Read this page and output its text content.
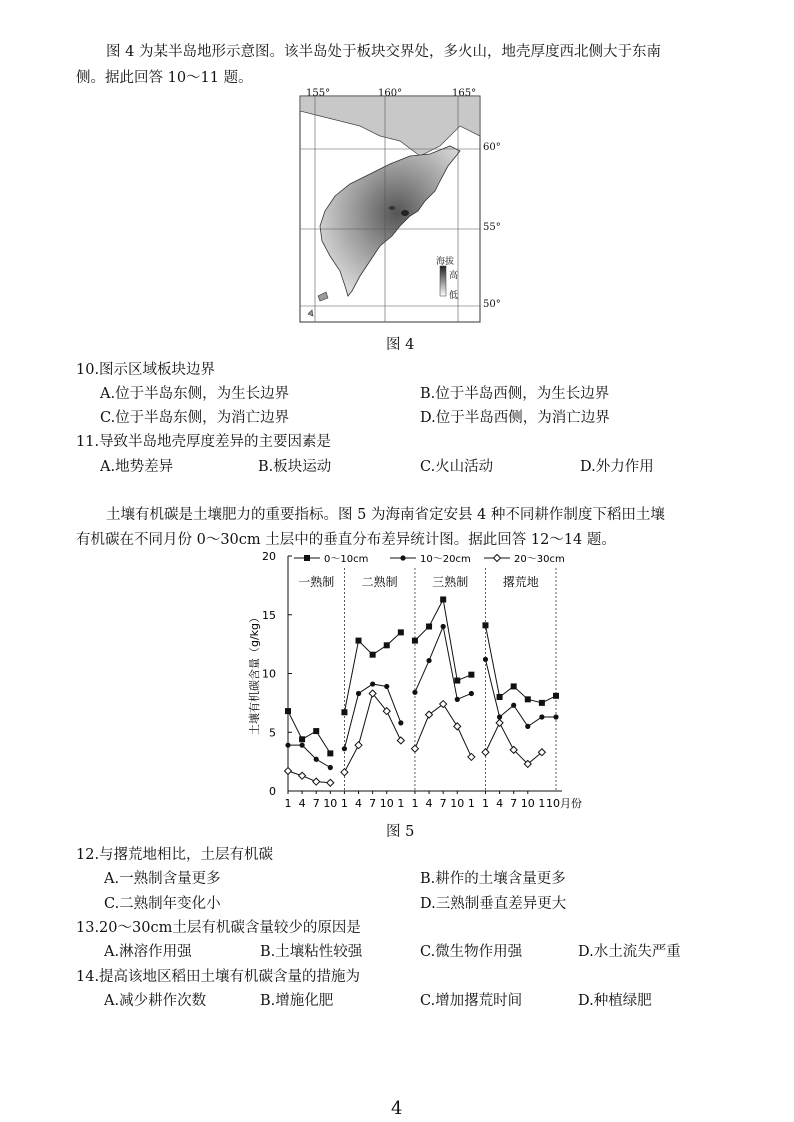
图 4 为某半岛地形示意图。该半岛处于板块交界处，多火山，地壳厚度西北侧大于东南
侧。据此回答 10～11 题。
155°	160°	165°
60°
55°
50°
海拔
高
低
图 4
10.图示区域板块边界
A.位于半岛东侧，为生长边界	B.位于半岛西侧，为生长边界
C.位于半岛东侧，为消亡边界	D.位于半岛西侧，为消亡边界
11.导致半岛地壳厚度差异的主要因素是
A.地势差异	B.板块运动	C.火山活动	D.外力作用
土壤有机碳是土壤肥力的重要指标。图 5 为海南省定安县 4 种不同耕作制度下稻田土壤
有机碳在不同月份 0～30cm 土层中的垂直分布差异统计图。据此回答 12～14 题。
0
5
10
15
20
土壤有机碳含量（g/kg）
一熟制 二熟制	三熟制	撂荒地
1 4 7 10 1 4 7 10 1 4 7 10 1 4 7 10
1	1	1 10月份
0～10cm	10～20cm	20～30cm
图 5
12.与撂荒地相比，土层有机碳
A.一熟制含量更多	B.耕作的土壤含量更多
C.二熟制年变化小	D.三熟制垂直差异更大
13.20～30cm土层有机碳含量较少的原因是
A.淋溶作用强	B.土壤粘性较强	C.微生物作用强	D.水土流失严重
14.提高该地区稻田土壤有机碳含量的措施为
A.减少耕作次数	B.增施化肥	C.增加撂荒时间	D.种植绿肥
4
